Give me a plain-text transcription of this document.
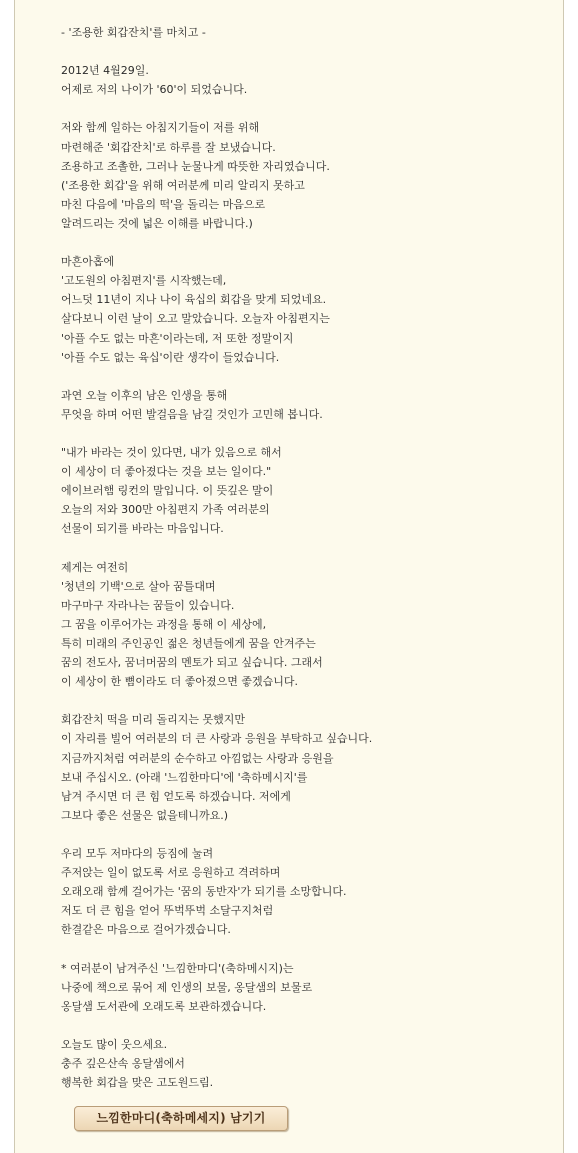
- '조용한 회갑잔치'를 마치고 -
2012년 4월29일.
어제로 저의 나이가 '60'이 되었습니다.
저와 함께 일하는 아침지기들이 저를 위해
마련해준 '회갑잔치'로 하루를 잘 보냈습니다.
조용하고 조촐한, 그러나 눈물나게 따뜻한 자리였습니다.
('조용한 회갑'을 위해 여러분께 미리 알리지 못하고
마친 다음에 '마음의 떡'을 돌리는 마음으로
알려드리는 것에 넓은 이해를 바랍니다.)
마흔아홉에
'고도원의 아침편지'를 시작했는데,
어느덧 11년이 지나 나이 육십의 회갑을 맞게 되었네요.
살다보니 이런 날이 오고 말았습니다. 오늘자 아침편지는
'아플 수도 없는 마흔'이라는데, 저 또한 정말이지
'아플 수도 없는 육십'이란 생각이 들었습니다.
과연 오늘 이후의 남은 인생을 통해
무엇을 하며 어떤 발걸음을 남길 것인가 고민해 봅니다.
"내가 바라는 것이 있다면, 내가 있음으로 해서
이 세상이 더 좋아졌다는 것을 보는 일이다."
에이브러햄 링컨의 말입니다. 이 뜻깊은 말이
오늘의 저와 300만 아침편지 가족 여러분의
선물이 되기를 바라는 마음입니다.
제게는 여전히
'청년의 기백'으로 살아 꿈틀대며
마구마구 자라나는 꿈들이 있습니다.
그 꿈을 이루어가는 과정을 통해 이 세상에,
특히 미래의 주인공인 젊은 청년들에게 꿈을 안겨주는
꿈의 전도사, 꿈너머꿈의 멘토가 되고 싶습니다. 그래서
이 세상이 한 뼘이라도 더 좋아졌으면 좋겠습니다.
회갑잔치 떡을 미리 돌리지는 못했지만
이 자리를 빌어 여러분의 더 큰 사랑과 응원을 부탁하고 싶습니다.
지금까지처럼 여러분의 순수하고 아낌없는 사랑과 응원을
보내 주십시오. (아래 '느낌한마디'에 '축하메시지'를
남겨 주시면 더 큰 힘 얻도록 하겠습니다. 저에게
그보다 좋은 선물은 없을테니까요.)
우리 모두 저마다의 등짐에 눌려
주저앉는 일이 없도록 서로 응원하고 격려하며
오래오래 함께 걸어가는 '꿈의 동반자'가 되기를 소망합니다.
저도 더 큰 힘을 얻어 뚜벅뚜벅 소달구지처럼
한결같은 마음으로 걸어가겠습니다.
* 여러분이 남겨주신 '느낌한마디'(축하메시지)는
나중에 책으로 묶어 제 인생의 보물, 옹달샘의 보물로
옹달샘 도서관에 오래도록 보관하겠습니다.
오늘도 많이 웃으세요.
충주 깊은산속 옹달샘에서
행복한 회갑을 맞은 고도원드림.
느낌한마디(축하메세지) 남기기
